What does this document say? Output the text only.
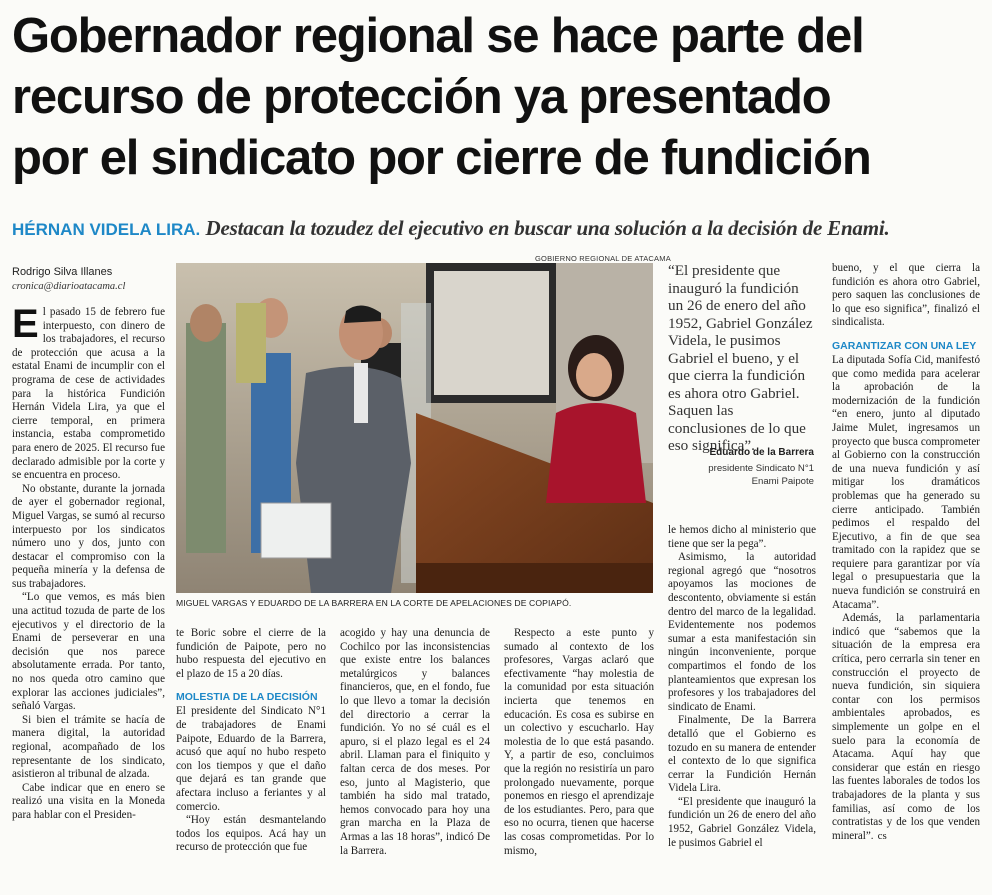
Gobernador regional se hace parte del
recurso de protección ya presentado
por el sindicato por cierre de fundición
HÉRNAN VIDELA LIRA. Destacan la tozudez del ejecutivo en buscar una solución a la decisión de Enami.
Rodrigo Silva Illanes
cronica@diarioatacama.cl

El pasado 15 de febrero fue interpuesto, con dinero de los trabajadores, el recurso de protección que acusa a la estatal Enami de incumplir con el programa de cese de actividades para la histórica Fundición Hernán Videla Lira, ya que el cierre temporal, en primera instancia, estaba comprometido para enero de 2025. El recurso fue declarado admisible por la corte y se encuentra en proceso.

No obstante, durante la jornada de ayer el gobernador regional, Miguel Vargas, se sumó al recurso interpuesto por los sindicatos número uno y dos, junto con destacar el compromiso con la pequeña minería y la defensa de sus trabajadores.

“Lo que vemos, es más bien una actitud tozuda de parte de los ejecutivos y el directorio de la Enami de perseverar en una decisión que nos parece absolutamente errada. Por tanto, no nos queda otro camino que explorar las acciones judiciales”, señaló Vargas.

Si bien el trámite se hacía de manera digital, la autoridad regional, acompañado de los representante de los sindicato, asistieron al tribunal de alzada.

Cabe indicar que en enero se realizó una visita en la Moneda para hablar con el Presiden-

GOBIERNO REGIONAL DE ATACAMA
MIGUEL VARGAS Y EDUARDO DE LA BARRERA EN LA CORTE DE APELACIONES DE COPIAPÓ.
“El presidente que inauguró la fundición un 26 de enero del año 1952, Gabriel González Videla, le pusimos Gabriel el bueno, y el que cierra la fundición es ahora otro Gabriel. Saquen las conclusiones de lo que eso significa”.
Eduardo de la Barrera
presidente Sindicato N°1
Enami Paipote

te Boric sobre el cierre de la fundición de Paipote, pero no hubo respuesta del ejecutivo en el plazo de 15 a 20 días.

MOLESTIA DE LA DECISIÓN

El presidente del Sindicato N°1 de trabajadores de Enami Paipote, Eduardo de la Barrera, acusó que aquí no hubo respeto con los tiempos y que el daño que dejará es tan grande que afectara incluso a feriantes y al comercio.

“Hoy están desmantelando todos los equipos. Acá hay un recurso de protección que fue

acogido y hay una denuncia de Cochilco por las inconsistencias que existe entre los balances metalúrgicos y balances financieros, que, en el fondo, fue lo que llevo a tomar la decisión del directorio a cerrar la fundición. Yo no sé cuál es el apuro, si el plazo legal es el 24 abril. Llaman para el finiquito y faltan cerca de dos meses. Por eso, junto al Magisterio, que también ha sido mal tratado, hemos convocado para hoy una gran marcha en la Plaza de Armas a las 18 horas”, indicó De la Barrera.

Respecto a este punto y sumado al contexto de los profesores, Vargas aclaró que efectivamente “hay molestia de la comunidad por esta situación incierta que tenemos en educación. Es cosa es subirse en un colectivo y escucharlo. Hay molestia de lo que está pasando. Y, a partir de eso, concluimos que la región no resistiría un paro prolongado nuevamente, porque ponemos en riesgo el aprendizaje de los estudiantes. Pero, para que eso no ocurra, tienen que hacerse las cosas comprometidas. Por lo mismo,

le hemos dicho al ministerio que tiene que ser la pega”.

Asimismo, la autoridad regional agregó que “nosotros apoyamos las mociones de descontento, obviamente si están dentro del marco de la legalidad. Evidentemente nos podemos sumar a esta manifestación sin ningún inconveniente, porque compartimos el fondo de los planteamientos que expresan los profesores y los trabajadores del sindicato de Enami.

Finalmente, De la Barrera detalló que el Gobierno es tozudo en su manera de entender el contexto de lo que significa cerrar la Fundición Hernán Videla Lira.

“El presidente que inauguró la fundición un 26 de enero del año 1952, Gabriel González Videla, le pusimos Gabriel el

bueno, y el que cierra la fundición es ahora otro Gabriel, pero saquen las conclusiones de lo que eso significa”, finalizó el sindicalista.

GARANTIZAR CON UNA LEY

La diputada Sofía Cid, manifestó que como medida para acelerar la aprobación de la modernización de la fundición “en enero, junto al diputado Jaime Mulet, ingresamos un proyecto que busca comprometer al Gobierno con la construcción de una nueva fundición y así mitigar los dramáticos problemas que ha generado su cierre anticipado. También pedimos el respaldo del Ejecutivo, a fin de que sea tramitado con la rapidez que se requiere para garantizar por vía legal o presupuestaria que la nueva fundición se construirá en Atacama”.

Además, la parlamentaria indicó que “sabemos que la situación de la empresa era crítica, pero cerrarla sin tener en construcción el proyecto de nueva fundición, sin siquiera contar con los permisos ambientales aprobados, es simplemente un golpe en el suelo para la economía de Atacama. Aquí hay que considerar que están en riesgo las fuentes laborales de todos los trabajadores de la planta y sus familias, así como de los contratistas y de los que venden mineral”. cs
